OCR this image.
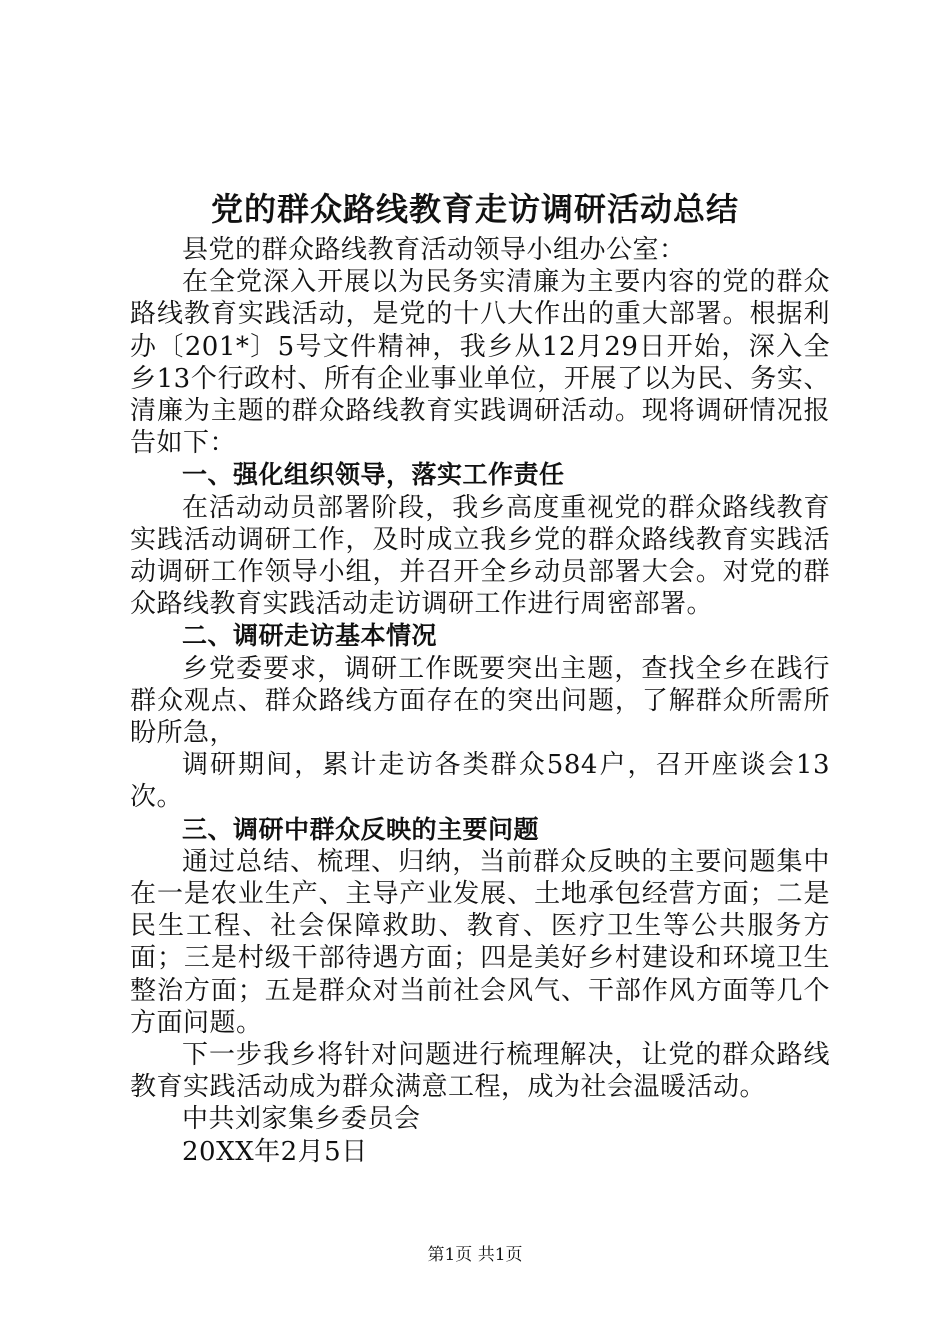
党的群众路线教育走访调研活动总结

县党的群众路线教育活动领导小组办公室：

在全党深入开展以为民务实清廉为主要内容的党的群众路线教育实践活动，是党的十八大作出的重大部署。根据利办〔201*〕5号文件精神，我乡从12月29日开始，深入全乡13个行政村、所有企业事业单位，开展了以为民、务实、清廉为主题的群众路线教育实践调研活动。现将调研情况报告如下：

一、强化组织领导，落实工作责任

在活动动员部署阶段，我乡高度重视党的群众路线教育实践活动调研工作，及时成立我乡党的群众路线教育实践活动调研工作领导小组，并召开全乡动员部署大会。对党的群众路线教育实践活动走访调研工作进行周密部署。

二、调研走访基本情况

乡党委要求，调研工作既要突出主题，查找全乡在践行群众观点、群众路线方面存在的突出问题，了解群众所需所盼所急，

调研期间，累计走访各类群众584户，召开座谈会13次。

三、调研中群众反映的主要问题

通过总结、梳理、归纳，当前群众反映的主要问题集中在一是农业生产、主导产业发展、土地承包经营方面；二是民生工程、社会保障救助、教育、医疗卫生等公共服务方面；三是村级干部待遇方面；四是美好乡村建设和环境卫生整治方面；五是群众对当前社会风气、干部作风方面等几个方面问题。

下一步我乡将针对问题进行梳理解决，让党的群众路线教育实践活动成为群众满意工程，成为社会温暖活动。

中共刘家集乡委员会

20XX年2月5日

第1页 共1页
